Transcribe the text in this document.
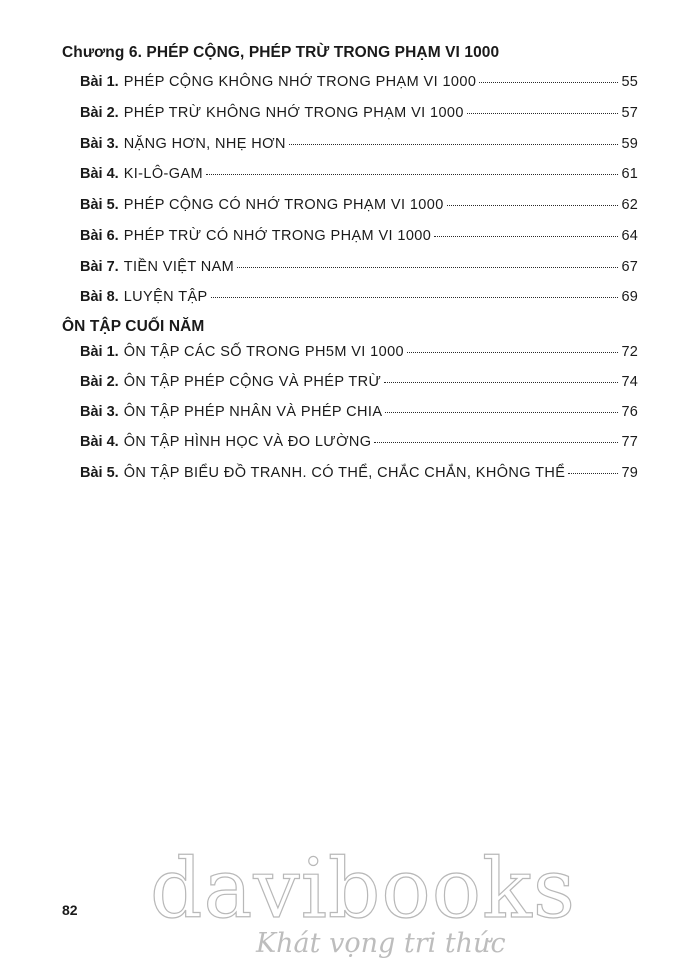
Chương 6. PHÉP CỘNG, PHÉP TRỪ TRONG PHẠM VI 1000
Bài 1. PHÉP CỘNG KHÔNG NHỚ TRONG PHẠM VI 1000	55
Bài 2. PHÉP TRỪ KHÔNG NHỚ TRONG PHẠM VI 1000	57
Bài 3. NẶNG HƠN, NHẸ HƠN	59
Bài 4. KI-LÔ-GAM	61
Bài 5. PHÉP CỘNG CÓ NHỚ TRONG PHẠM VI 1000	62
Bài 6. PHÉP TRỪ CÓ NHỚ TRONG PHẠM VI 1000	64
Bài 7. TIỀN VIỆT NAM	67
Bài 8. LUYỆN TẬP	69
ÔN TẬP CUỐI NĂM
Bài 1. ÔN TẬP CÁC SỐ TRONG PH5M VI 1000	72
Bài 2. ÔN TẬP PHÉP CỘNG VÀ PHÉP TRỪ	74
Bài 3. ÔN TẬP PHÉP NHÂN VÀ PHÉP CHIA	76
Bài 4. ÔN TẬP HÌNH HỌC VÀ ĐO LƯỜNG	77
Bài 5. ÔN TẬP BIỂU ĐỒ TRANH. CÓ THỂ, CHẮC CHẮN, KHÔNG THỂ	79
82 davibooks
Khát vọng tri thức
